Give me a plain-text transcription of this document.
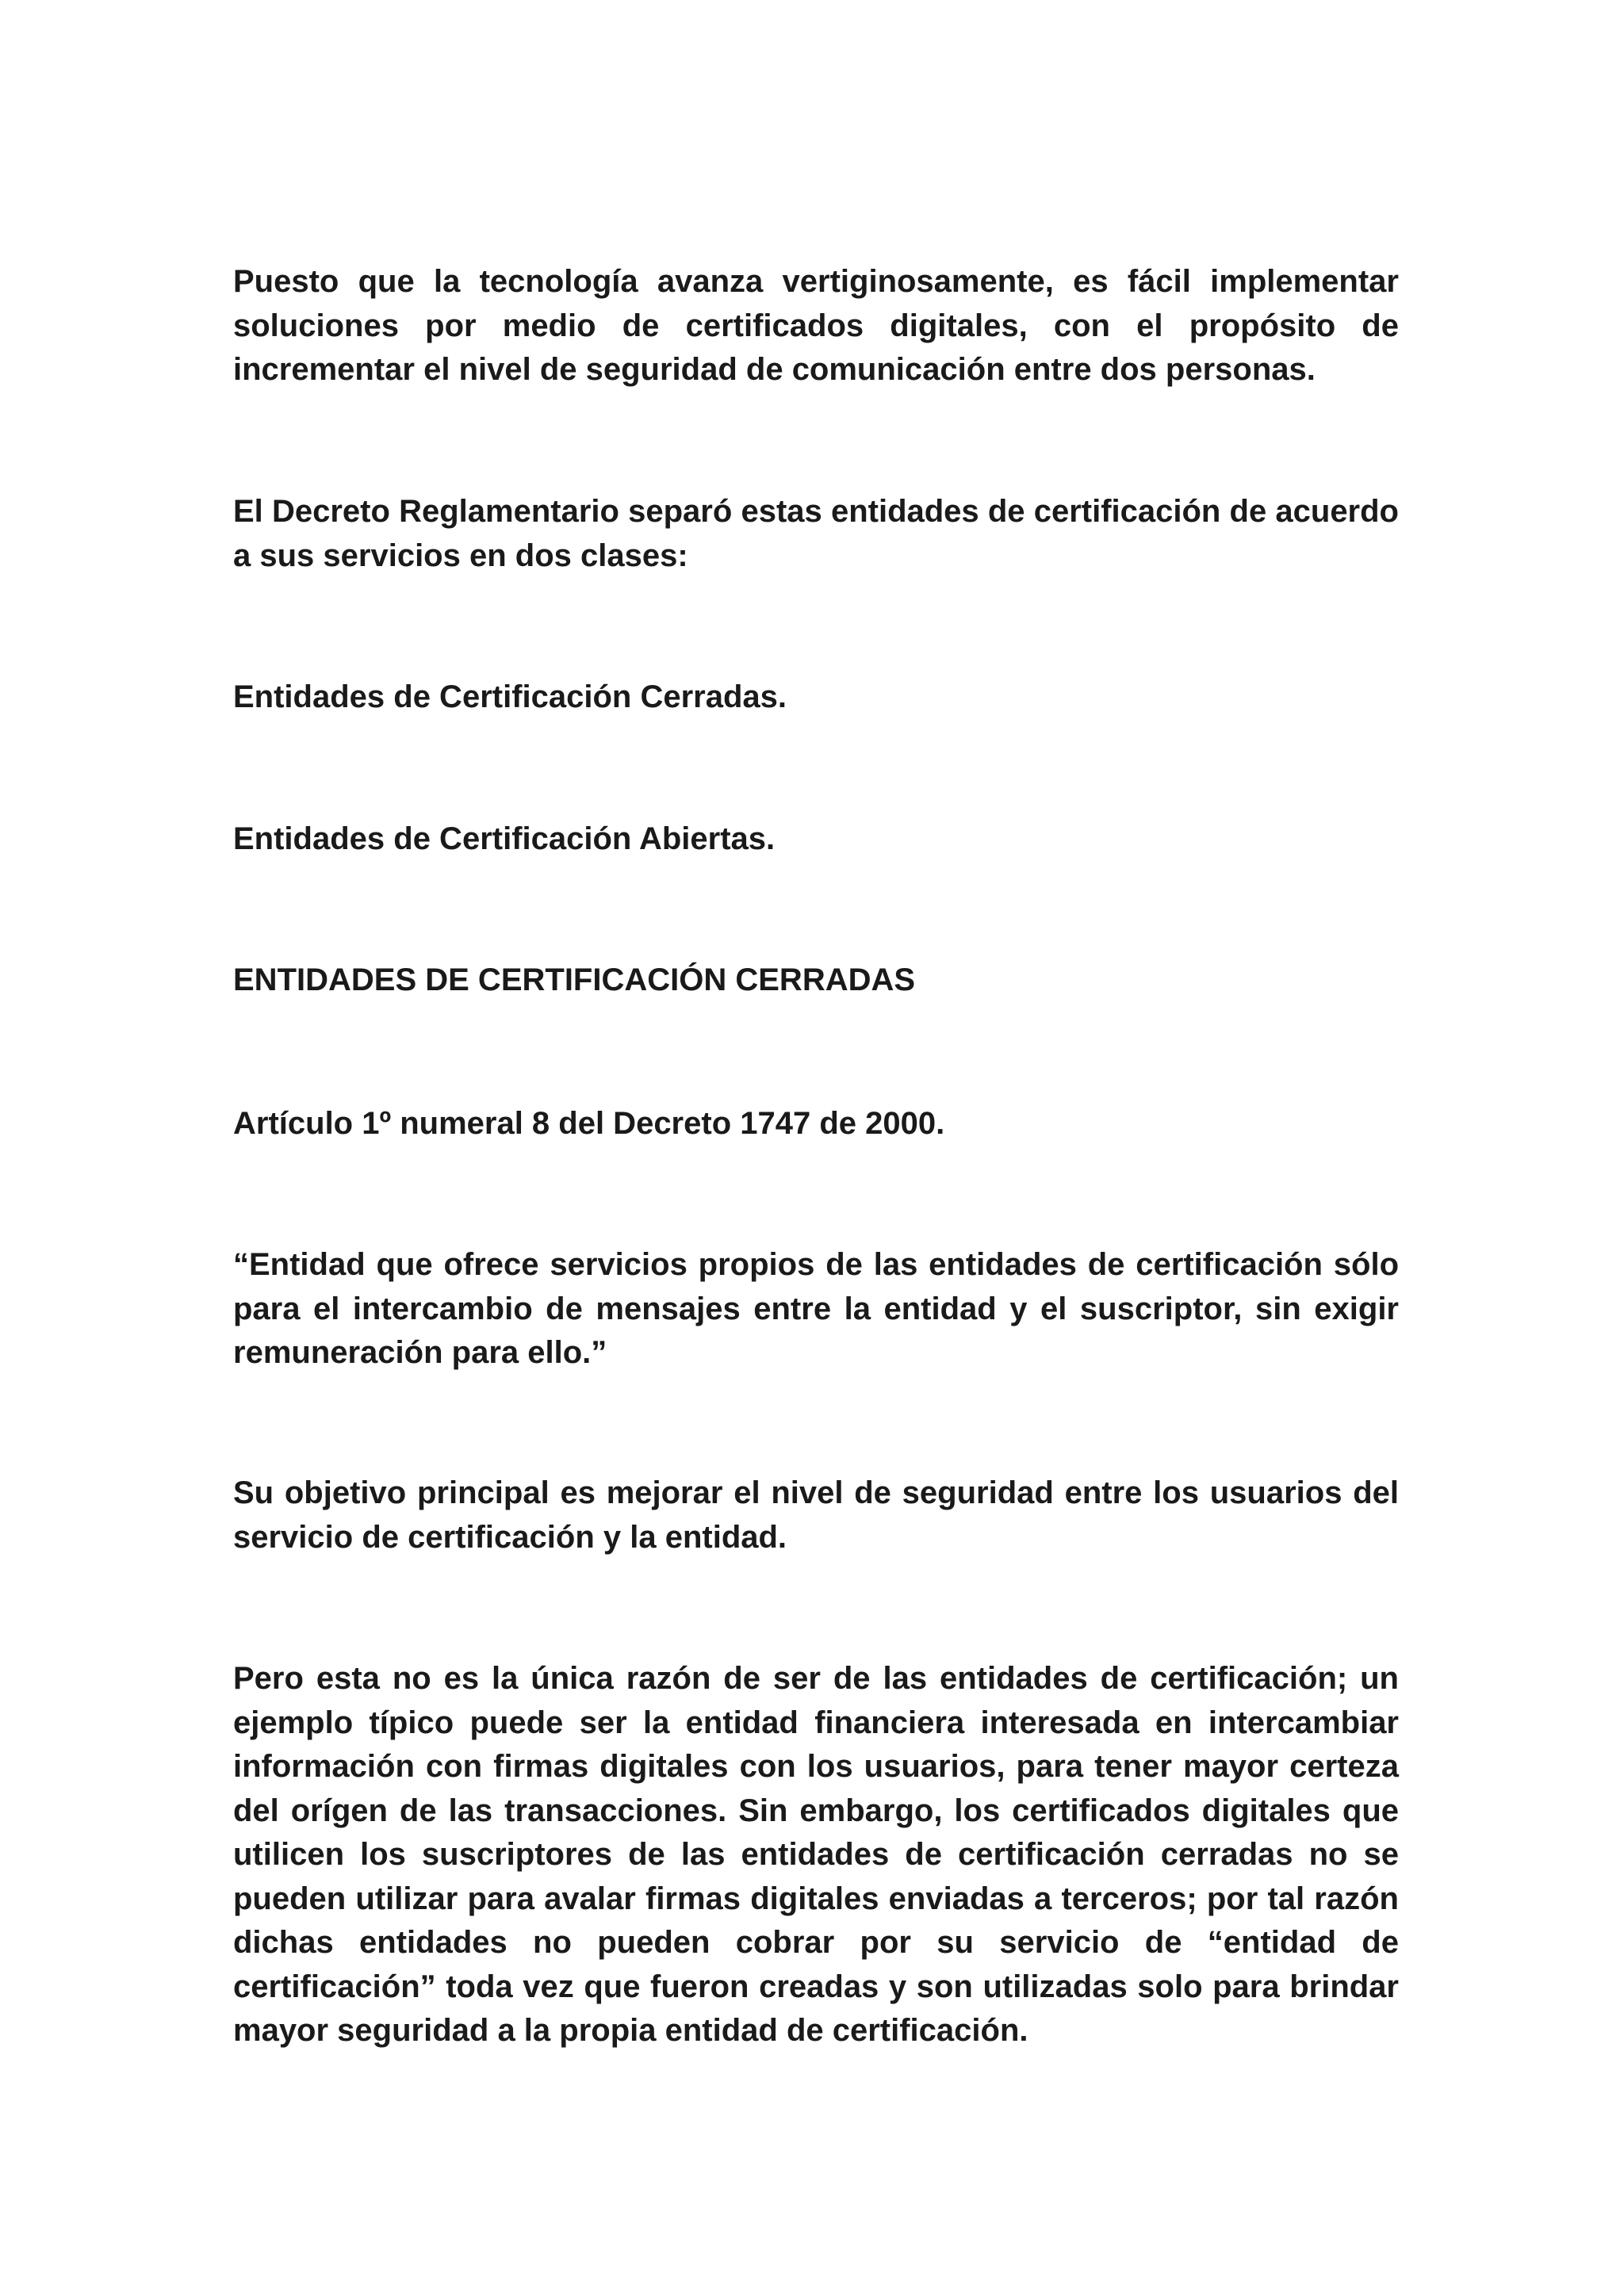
Puesto que la tecnología avanza vertiginosamente, es fácil implementar soluciones por medio de certificados digitales, con el propósito de incrementar el nivel de seguridad de comunicación entre dos personas.

El Decreto Reglamentario separó estas entidades de certificación de acuerdo a sus servicios en dos clases:

Entidades de Certificación Cerradas.

Entidades de Certificación Abiertas.

ENTIDADES DE CERTIFICACIÓN CERRADAS

Artículo 1º numeral 8 del Decreto 1747 de 2000.

“Entidad que ofrece servicios propios de las entidades de certificación sólo para el intercambio de mensajes entre la entidad y el suscriptor, sin exigir remuneración para ello.”

Su objetivo principal es mejorar el nivel de seguridad entre los usuarios del servicio de certificación y la entidad.

Pero esta no es la única razón de ser de las entidades de certificación; un ejemplo típico puede ser la entidad financiera interesada en intercambiar información con firmas digitales con los usuarios, para tener mayor certeza del orígen de las transacciones. Sin embargo, los certificados digitales que utilicen los suscriptores de las entidades de certificación cerradas no se pueden utilizar para avalar firmas digitales enviadas a terceros; por tal razón dichas entidades no pueden cobrar por su servicio de “entidad de certificación” toda vez que fueron creadas y son utilizadas solo para brindar mayor seguridad a la propia entidad de certificación.
